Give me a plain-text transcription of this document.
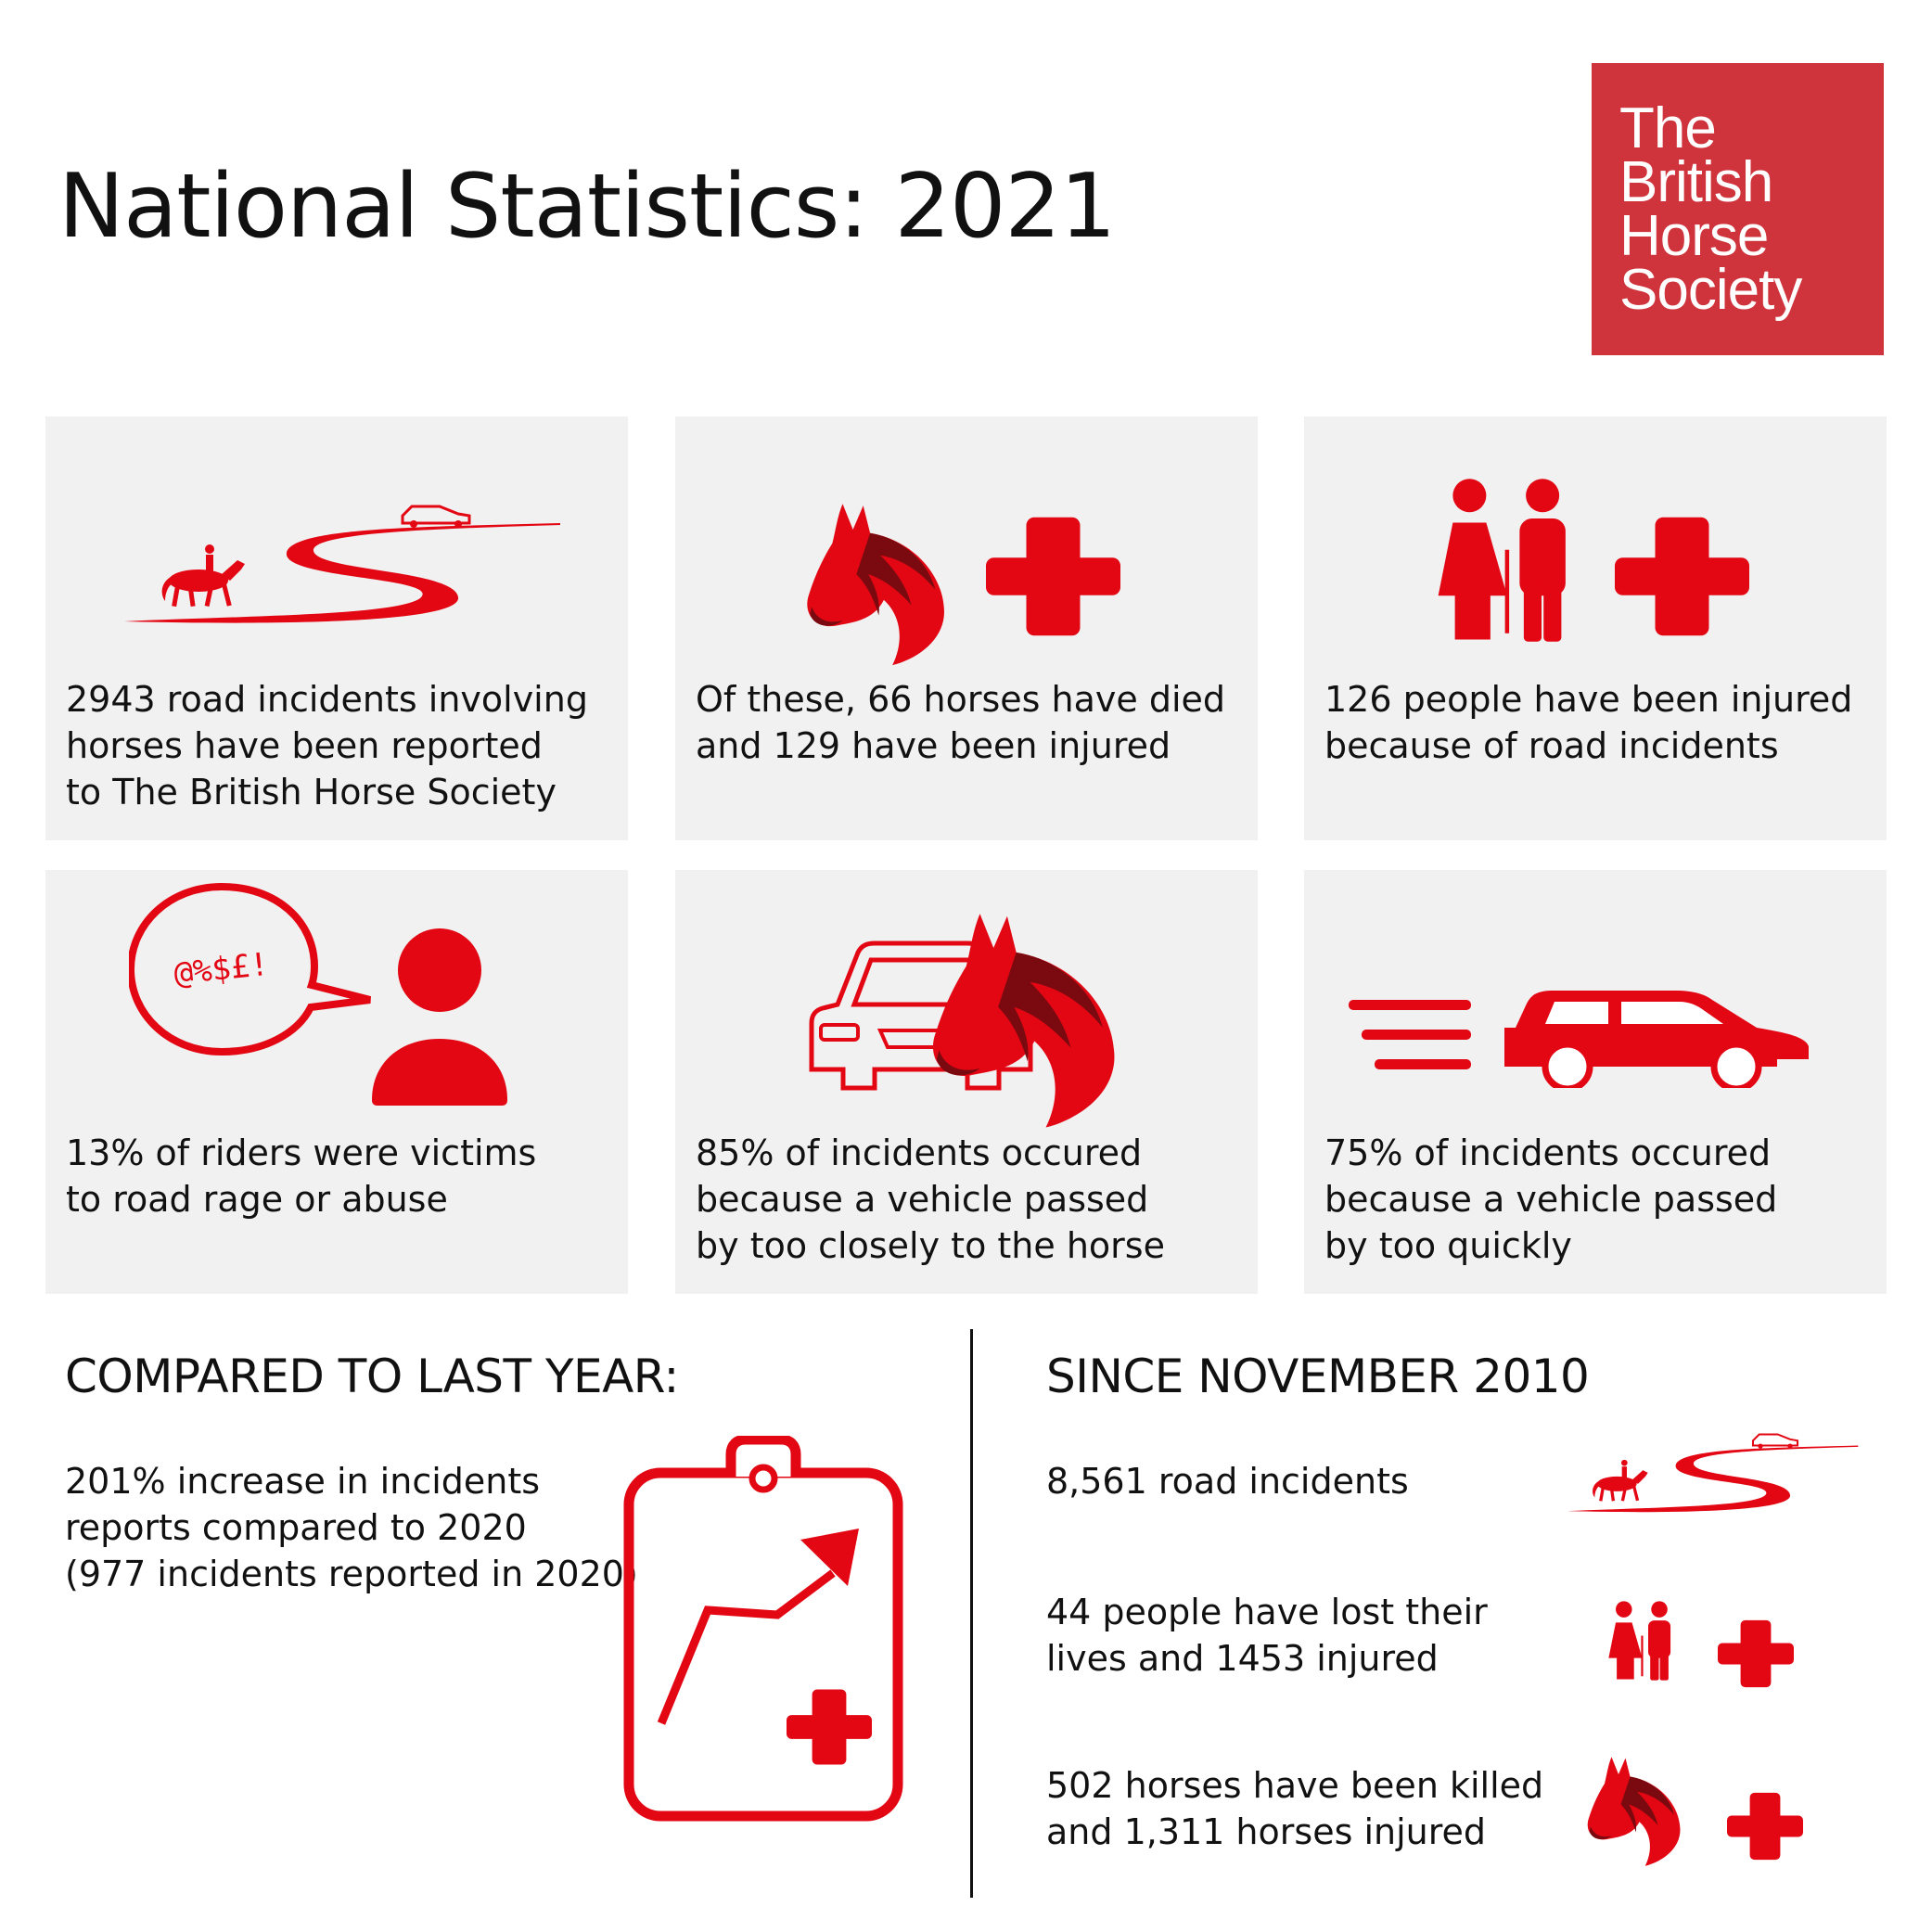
National Statistics: 2021
The
British
Horse
Society
2943 road incidents involving
horses have been reported
to The British Horse Society
Of these, 66 horses have died
and 129 have been injured
126 people have been injured
because of road incidents
@%$£!
13% of riders were victims
to road rage or abuse
85% of incidents occured
because a vehicle passed
by too closely to the horse
75% of incidents occured
because a vehicle passed
by too quickly
COMPARED TO LAST YEAR:
201% increase in incidents
reports compared to 2020
(977 incidents reported in 2020)
SINCE NOVEMBER 2010
8,561 road incidents
44 people have lost their
lives and 1453 injured
502 horses have been killed
and 1,311 horses injured
